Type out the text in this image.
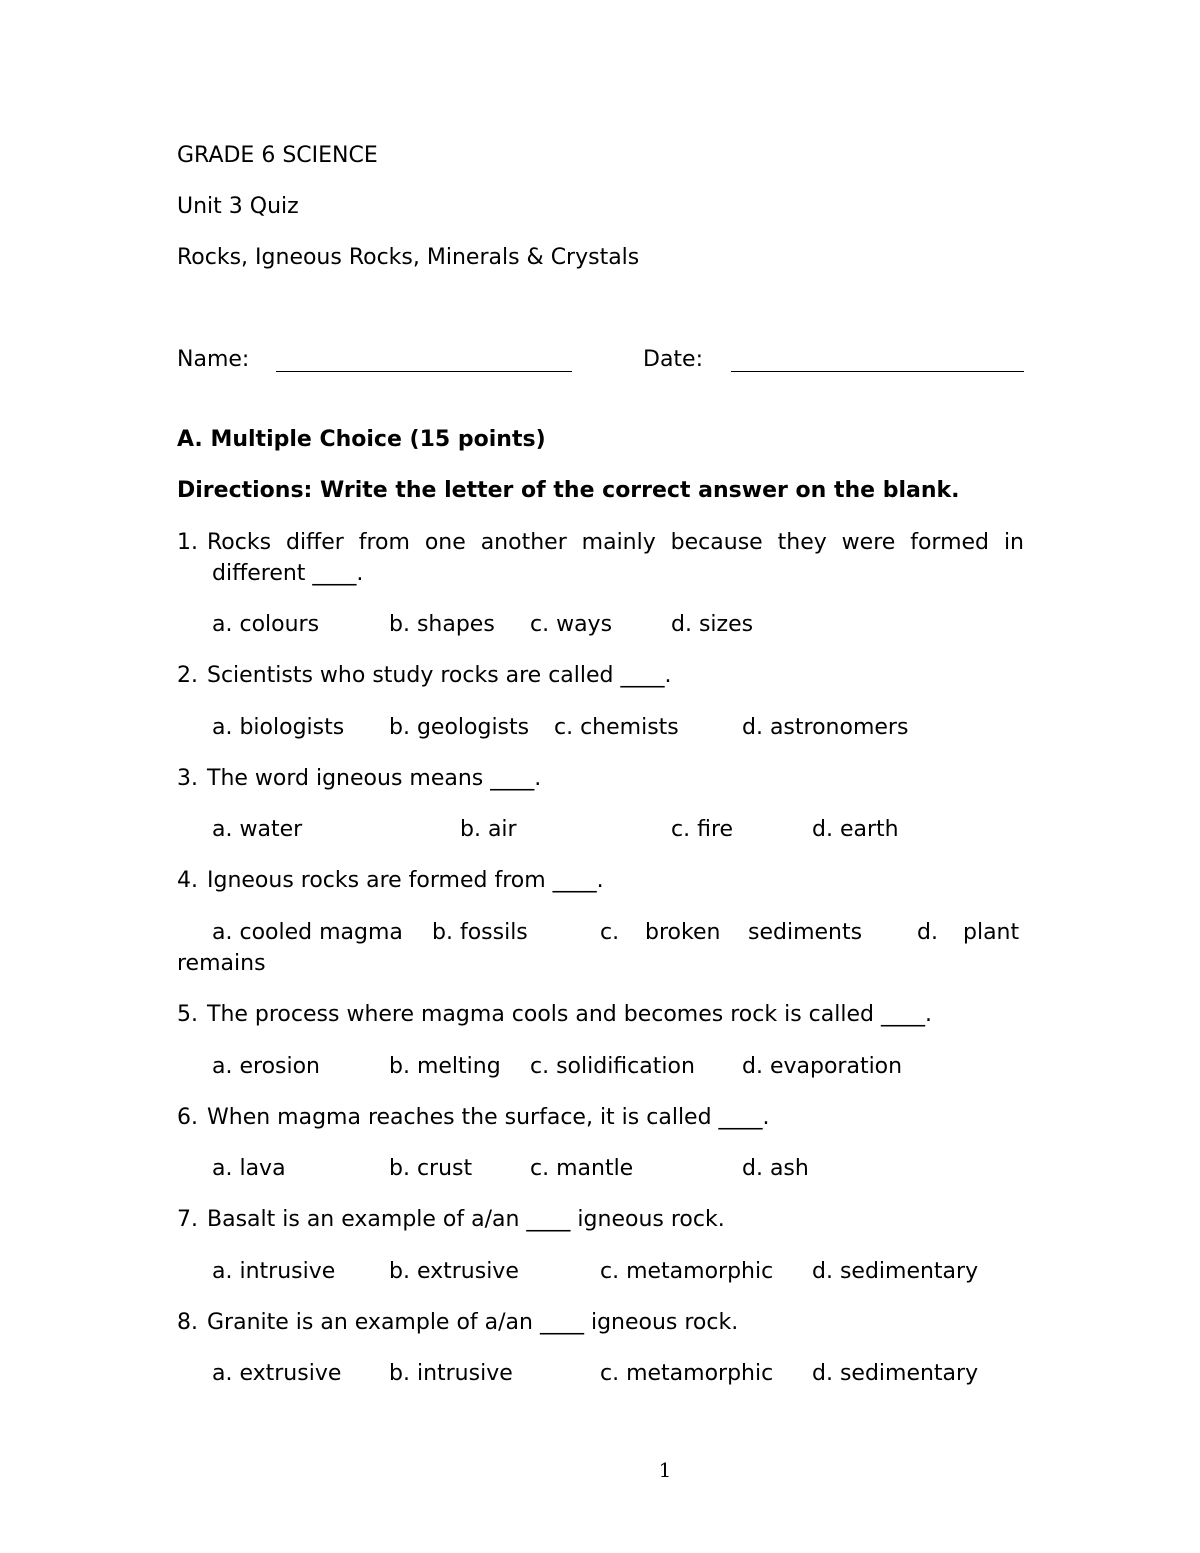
GRADE 6 SCIENCE
Unit 3 Quiz
Rocks, Igneous Rocks, Minerals & Crystals
Name:	Date:
A. Multiple Choice (15 points)
Directions: Write the letter of the correct answer on the blank.
1. Rocks differ from one another mainly because they were formed in
different ____.
a. colours	b. shapes c. ways	d. sizes
2. Scientists who study rocks are called ____.
a. biologists b. geologists c. chemists	d. astronomers
3. The word igneous means ____.
a. water	b. air	c. fire	d. earth
4. Igneous rocks are formed from ____.
a. cooled magma b. fossils	c. broken sediments d. plant
remains
5. The process where magma cools and becomes rock is called ____.
a. erosion	b. melting c. solidification d. evaporation
6. When magma reaches the surface, it is called ____.
a. lava	b. crust	c. mantle	d. ash
7. Basalt is an example of a/an ____ igneous rock.
a. intrusive b. extrusive	c. metamorphic d. sedimentary
8. Granite is an example of a/an ____ igneous rock.
a. extrusive b. intrusive	c. metamorphic d. sedimentary
1
